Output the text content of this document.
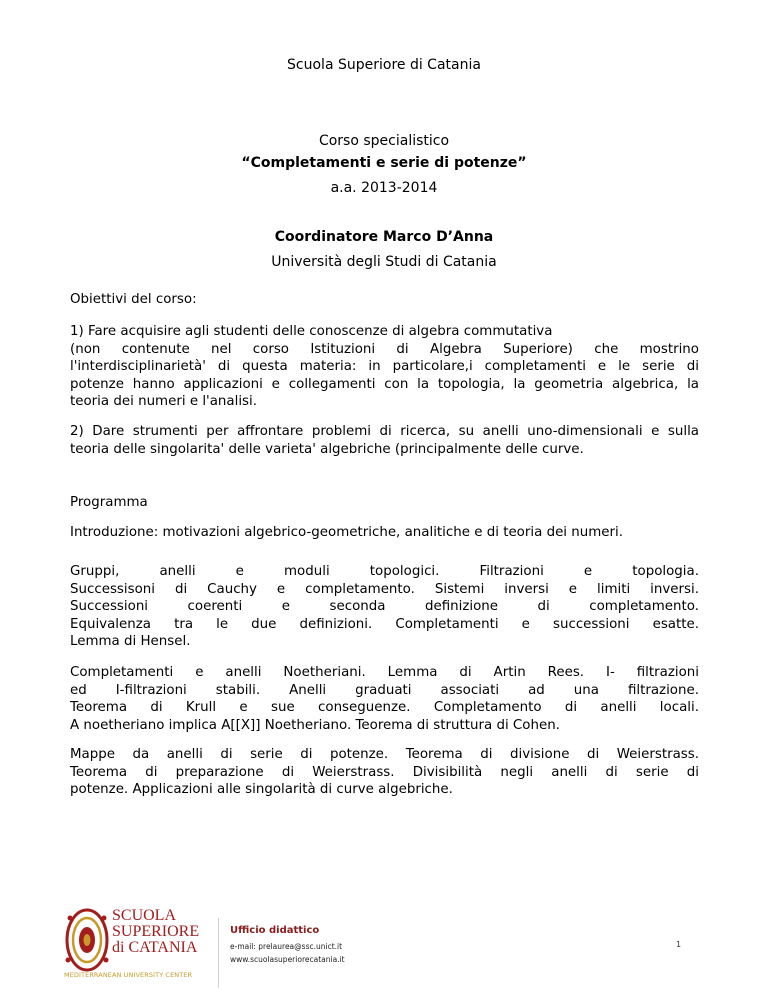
Scuola Superiore di Catania
Corso specialistico
“Completamenti e serie di potenze”
a.a. 2013-2014
Coordinatore Marco D’Anna
Università degli Studi di Catania
Obiettivi del corso:
1) Fare acquisire agli studenti delle conoscenze di algebra commutativa
(non contenute nel corso Istituzioni di Algebra Superiore) che mostrino
l'interdisciplinarietà' di questa materia: in particolare,i completamenti e le serie di
potenze hanno applicazioni e collegamenti con la topologia, la geometria algebrica, la
teoria dei numeri e l'analisi.
2) Dare strumenti per affrontare problemi di ricerca, su anelli uno-dimensionali e sulla
teoria delle singolarita' delle varieta' algebriche (principalmente delle curve.
Programma
Introduzione: motivazioni algebrico-geometriche, analitiche e di teoria dei numeri.
Gruppi, anelli e moduli topologici. Filtrazioni e topologia.
Successisoni di Cauchy e completamento. Sistemi inversi e limiti inversi.
Successioni coerenti e seconda definizione di completamento.
Equivalenza tra le due definizioni. Completamenti e successioni esatte.
Lemma di Hensel.
Completamenti e anelli Noetheriani. Lemma di Artin Rees. I- filtrazioni
ed I-filtrazioni stabili. Anelli graduati associati ad una filtrazione.
Teorema di Krull e sue conseguenze. Completamento di anelli locali.
A noetheriano implica A[[X]] Noetheriano. Teorema di struttura di Cohen.
Mappe da anelli di serie di potenze. Teorema di divisione di Weierstrass.
Teorema di preparazione di Weierstrass. Divisibilità negli anelli di serie di
potenze. Applicazioni alle singolarità di curve algebriche.
SCUOLA
SUPERIORE
di CATANIA
MEDITERRANEAN UNIVERSITY CENTER
Ufficio didattico
e-mail: prelaurea@ssc.unict.it
www.scuolasuperiorecatania.it
1
